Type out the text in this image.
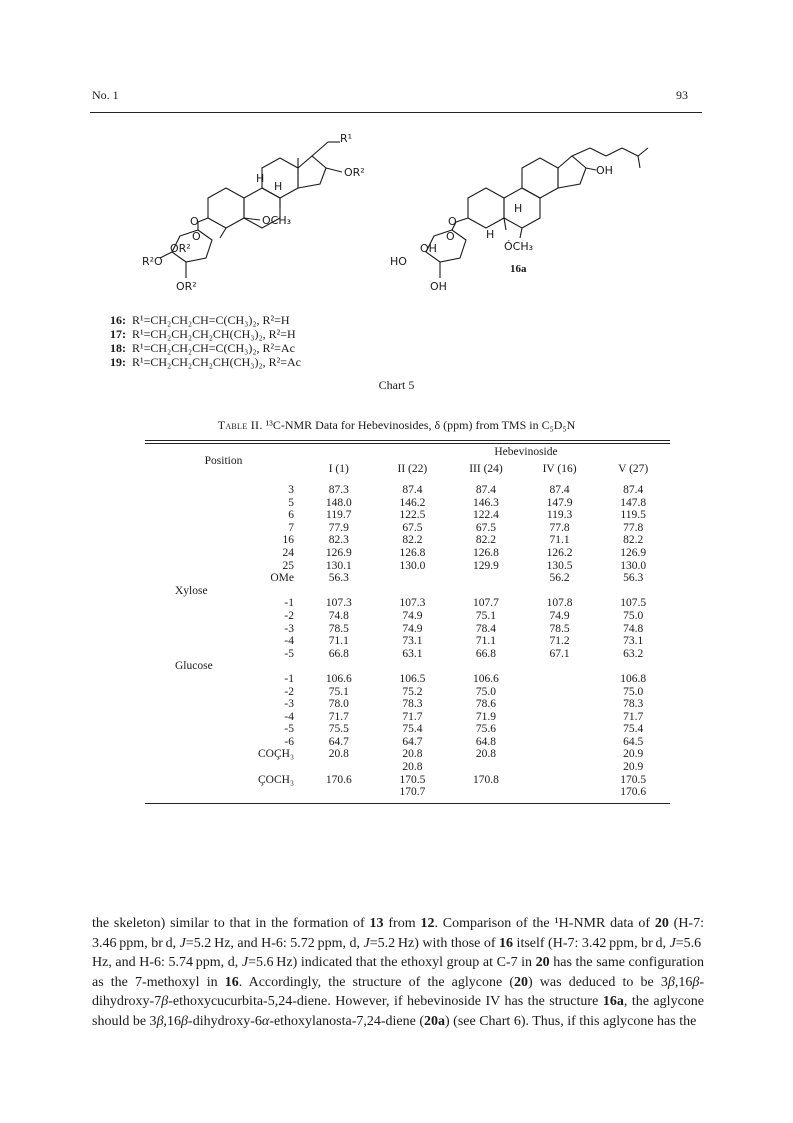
No. 1	93
R¹
OR²
OCH₃
O
O
OR²
R²O
OR²
H
H
OH
H
H
ÓCH₃
O
O
OH
HO
OH
16a
16: R¹=CH₂CH₂CH=C(CH₃)₂, R²=H
17: R¹=CH₂CH₂CH₂CH(CH₃)₂, R²=H
18: R¹=CH₂CH₂CH=C(CH₃)₂, R²=Ac
19: R¹=CH₂CH₂CH₂CH(CH₃)₂, R²=Ac
Chart 5
Table II. ¹³C-NMR Data for Hebevinosides, δ (ppm) from TMS in C₅D₅N
Position	Hebevinoside				
	I (1)	II (22)	III (24)	IV (16)	V (27)
3	87.3	87.4	87.4	87.4	87.4
5	148.0	146.2	146.3	147.9	147.8
6	119.7	122.5	122.4	119.3	119.5
7	77.9	67.5	67.5	77.8	77.8
16	82.3	82.2	82.2	71.1	82.2
24	126.9	126.8	126.8	126.2	126.9
25	130.1	130.0	129.9	130.5	130.0
OMe	56.3			56.2	56.3
Xylose					
-1	107.3	107.3	107.7	107.8	107.5
-2	74.8	74.9	75.1	74.9	75.0
-3	78.5	74.9	78.4	78.5	74.8
-4	71.1	73.1	71.1	71.2	73.1
-5	66.8	63.1	66.8	67.1	63.2
Glucose					
-1	106.6	106.5	106.6		106.8
-2	75.1	75.2	75.0		75.0
-3	78.0	78.3	78.6		78.3
-4	71.7	71.7	71.9		71.7
-5	75.5	75.4	75.6		75.4
-6	64.7	64.7	64.8		64.5
COÇH₃	20.8	20.8	20.8		20.9
		20.8			20.9
ÇOCH₃	170.6	170.5	170.8		170.5
		170.7			170.6

the skeleton) similar to that in the formation of 13 from 12. Comparison of the ¹H-NMR data of 20 (H-7: 3.46 ppm, br d, J=5.2 Hz, and H-6: 5.72 ppm, d, J=5.2 Hz) with those of 16 itself (H-7: 3.42 ppm, br d, J=5.6 Hz, and H-6: 5.74 ppm, d, J=5.6 Hz) indicated that the ethoxyl group at C-7 in 20 has the same configuration as the 7-methoxyl in 16. Accordingly, the structure of the aglycone (20) was deduced to be 3β,16β-dihydroxy-7β-ethoxycucurbita-5,24-diene. However, if hebevinoside IV has the structure 16a, the aglycone should be 3β,16β-dihydroxy-6α-ethoxylanosta-7,24-diene (20a) (see Chart 6). Thus, if this aglycone has the
